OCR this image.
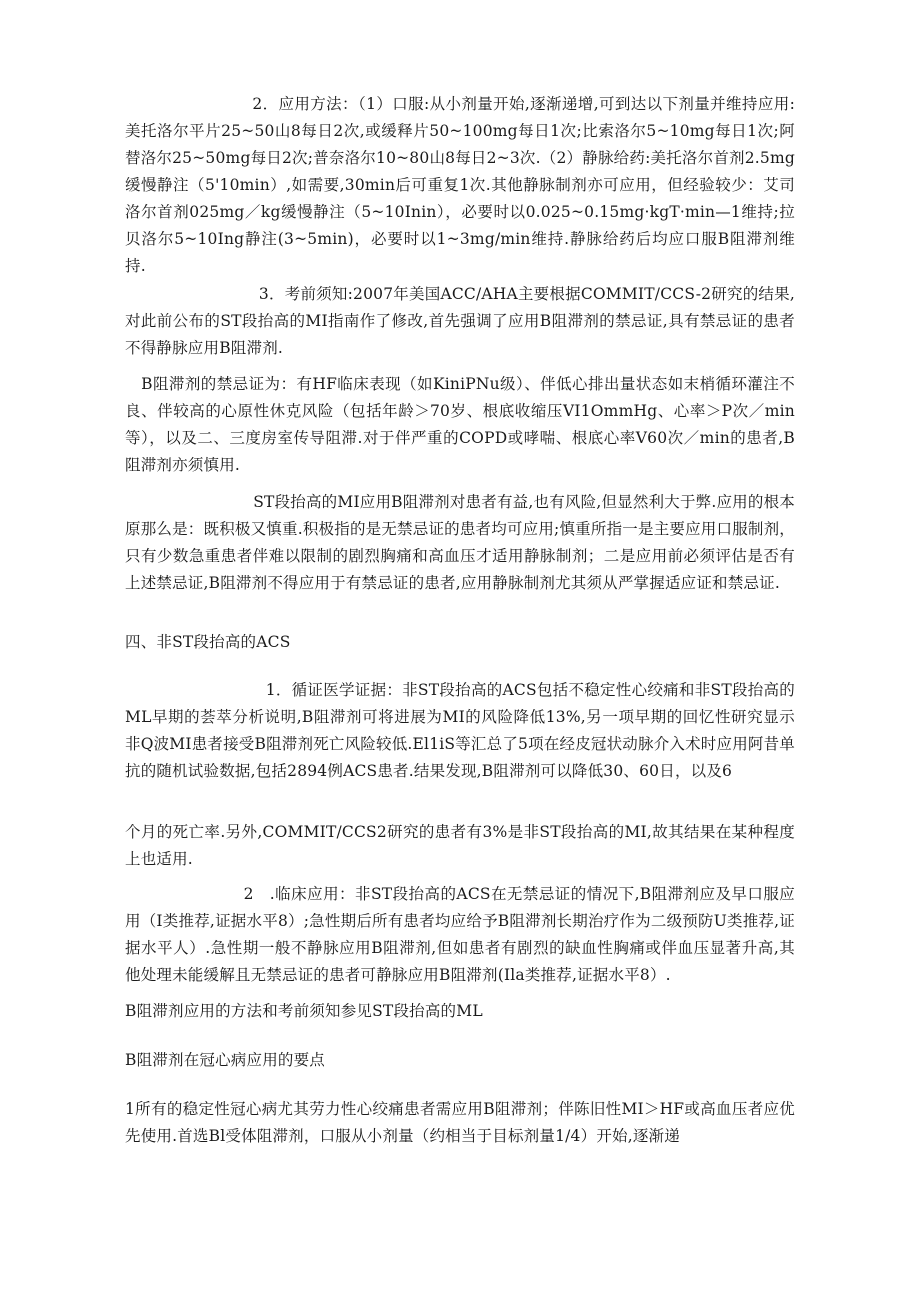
2．应用方法：（1）口服:从小剂量开始,逐渐递增,可到达以下剂量并维持应用:美托洛尔平片25~50山8每日2次,或缓释片50~100mg每日1次;比索洛尔5~10mg每日1次;阿替洛尔25~50mg每日2次;普奈洛尔10~80山8每日2~3次.（2）静脉给药:美托洛尔首剂2.5mg缓慢静注（5'10min）,如需要,30min后可重复1次.其他静脉制剂亦可应用，但经验较少：艾司洛尔首剂025mg／kg缓慢静注（5~10Inin），必要时以0.025~0.15mg·kgT·min—1维持;拉贝洛尔5~10Ing静注(3~5min)，必要时以1~3mg/min维持.静脉给药后均应口服B阻滞剂维持.

3．考前须知:2007年美国ACC/AHA主要根据COMMIT/CCS-2研究的结果,对此前公布的ST段抬高的MI指南作了修改,首先强调了应用B阻滞剂的禁忌证,具有禁忌证的患者不得静脉应用B阻滞剂.

B阻滞剂的禁忌证为：有HF临床表现（如KiniPNu级）、伴低心排出量状态如末梢循环灌注不良、伴较高的心原性休克风险（包括年龄＞70岁、根底收缩压VI1OmmHg、心率＞P次／min等），以及二、三度房室传导阻滞.对于伴严重的COPD或哮喘、根底心率V60次／min的患者,B阻滞剂亦须慎用.

ST段抬高的MI应用B阻滞剂对患者有益,也有风险,但显然利大于弊.应用的根本原那么是：既积极又慎重.积极指的是无禁忌证的患者均可应用;慎重所指一是主要应用口服制剂，只有少数急重患者伴难以限制的剧烈胸痛和高血压才适用静脉制剂；二是应用前必须评估是否有上述禁忌证,B阻滞剂不得应用于有禁忌证的患者,应用静脉制剂尤其须从严掌握适应证和禁忌证.

四、非ST段抬高的ACS

1．循证医学证据：非ST段抬高的ACS包括不稳定性心绞痛和非ST段抬高的ML早期的荟萃分析说明,B阻滞剂可将进展为MI的风险降低13%,另一项早期的回忆性研究显示非Q波MI患者接受B阻滞剂死亡风险较低.El1iS等汇总了5项在经皮冠状动脉介入术时应用阿昔单抗的随机试验数据,包括2894例ACS患者.结果发现,B阻滞剂可以降低30、60日，以及6

个月的死亡率.另外,COMMIT/CCS2研究的患者有3%是非ST段抬高的MI,故其结果在某种程度上也适用.

2   .临床应用：非ST段抬高的ACS在无禁忌证的情况下,B阻滞剂应及早口服应用（I类推荐,证据水平8）;急性期后所有患者均应给予B阻滞剂长期治疗作为二级预防U类推荐,证据水平人）.急性期一般不静脉应用B阻滞剂,但如患者有剧烈的缺血性胸痛或伴血压显著升高,其他处理未能缓解且无禁忌证的患者可静脉应用B阻滞剂(Ila类推荐,证据水平8）.

B阻滞剂应用的方法和考前须知参见ST段抬高的ML

B阻滞剂在冠心病应用的要点

1所有的稳定性冠心病尤其劳力性心绞痛患者需应用B阻滞剂；伴陈旧性MI＞HF或高血压者应优先使用.首选Bl受体阻滞剂，口服从小剂量（约相当于目标剂量1/4）开始,逐渐递
